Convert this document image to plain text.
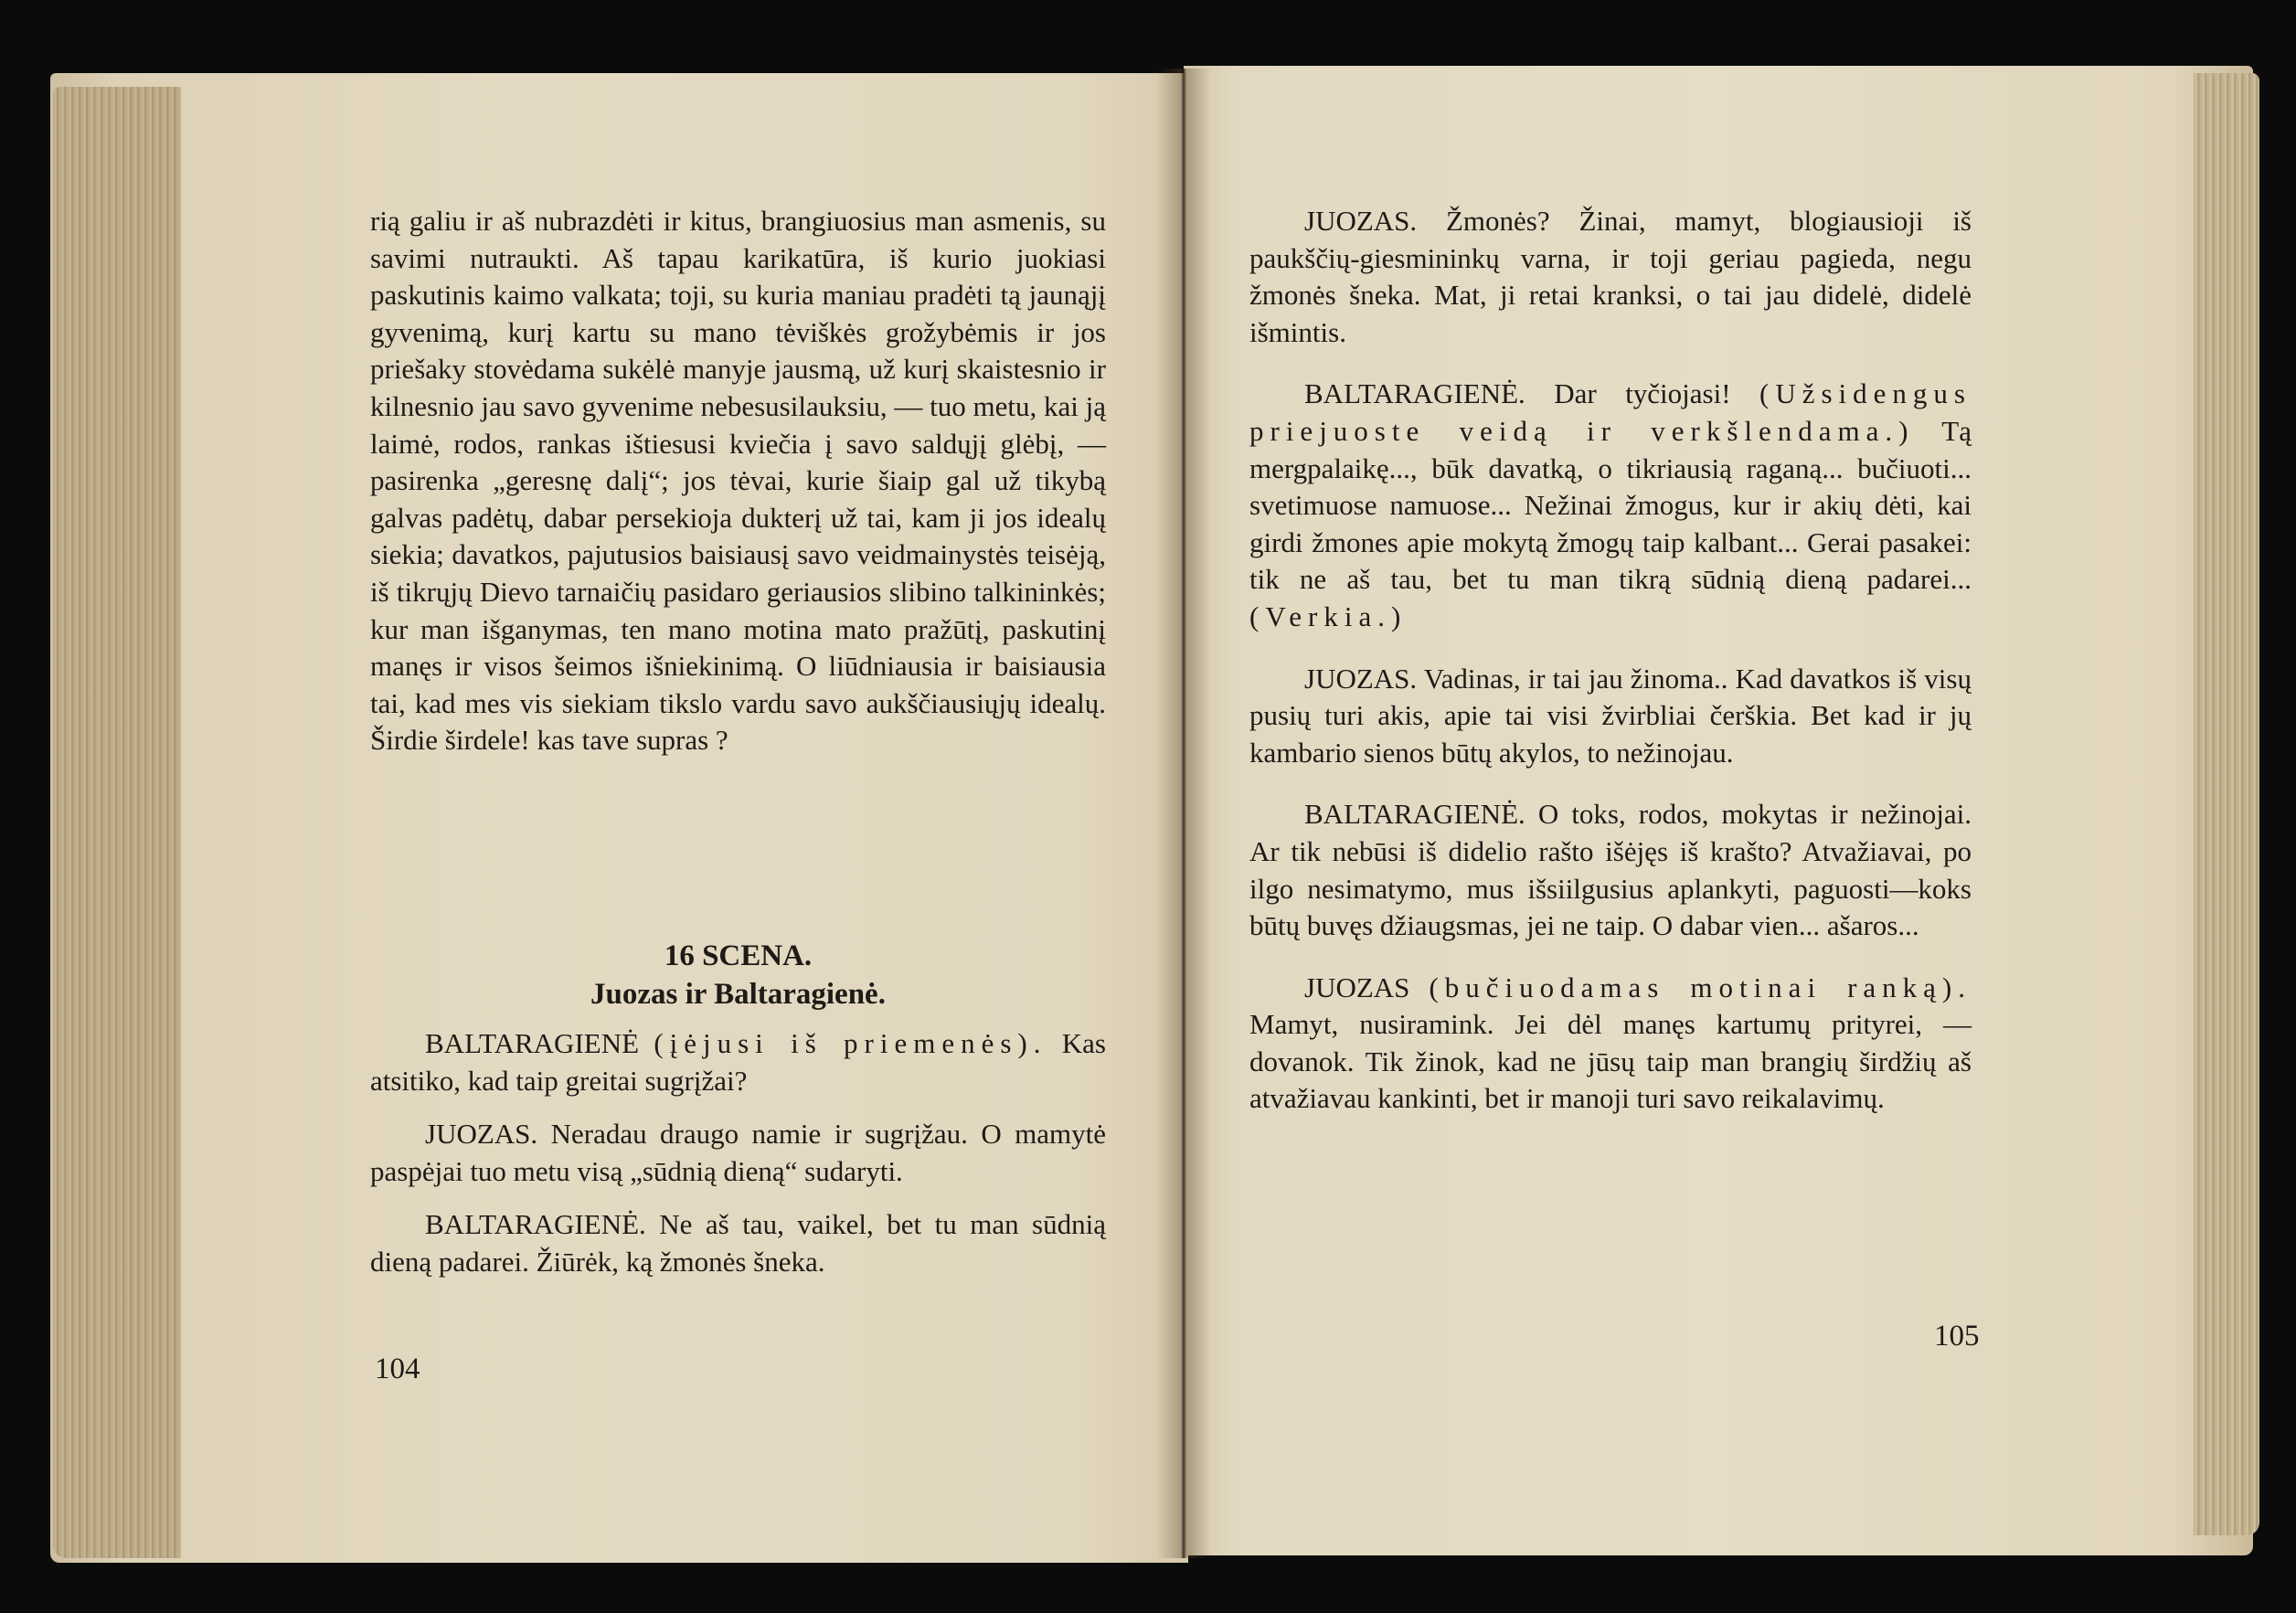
rią galiu ir aš nubrazdėti ir kitus, brangiuosius man asmenis, su savimi nutraukti. Aš tapau karikatūra, iš kurio juokiasi paskutinis kaimo valkata; toji, su kuria maniau pradėti tą jaunąjį gyvenimą, kurį kartu su mano tėviškės grožybėmis ir jos priešaky stovėdama sukėlė manyje jausmą, už kurį skaistesnio ir kilnesnio jau savo gyvenime nebesusilauksiu, — tuo metu, kai ją laimė, rodos, rankas ištiesusi kviečia į savo saldųjį glėbį, — pasirenka „geresnę dalį“; jos tėvai, kurie šiaip gal už tikybą galvas padėtų, dabar persekioja dukterį už tai, kam ji jos idealų siekia; davatkos, pajutusios baisiausį savo veidmainystės teisėją, iš tikrųjų Dievo tarnaičių pasidaro geriausios slibino talkininkės; kur man išganymas, ten mano motina mato pražūtį, paskutinį manęs ir visos šeimos išniekinimą. O liūdniausia ir baisiausia tai, kad mes vis siekiam tikslo vardu savo aukščiausiųjų idealų. Širdie širdele! kas tave supras ?

16 SCENA.
Juozas ir Baltaragienė.

BALTARAGIENĖ (įėjusi iš priemenės). Kas atsitiko, kad taip greitai sugrįžai?

JUOZAS. Neradau draugo namie ir sugrįžau. O mamytė paspėjai tuo metu visą „sūdnią dieną“ sudaryti.

BALTARAGIENĖ. Ne aš tau, vaikel, bet tu man sūdnią dieną padarei. Žiūrėk, ką žmonės šneka.

104

JUOZAS. Žmonės? Žinai, mamyt, blogiausioji iš paukščių-giesmininkų varna, ir toji geriau pagieda, negu žmonės šneka. Mat, ji retai kranksi, o tai jau didelė, didelė išmintis.

BALTARAGIENĖ. Dar tyčiojasi! (Užsidengus priejuoste veidą ir verkšlendama.) Tą mergpalaikę..., būk davatką, o tikriausią raganą... bučiuoti... svetimuose namuose... Nežinai žmogus, kur ir akių dėti, kai girdi žmones apie mokytą žmogų taip kalbant... Gerai pasakei: tik ne aš tau, bet tu man tikrą sūdnią dieną padarei... (Verkia.)

JUOZAS. Vadinas, ir tai jau žinoma.. Kad davatkos iš visų pusių turi akis, apie tai visi žvirbliai čerškia. Bet kad ir jų kambario sienos būtų akylos, to nežinojau.

BALTARAGIENĖ. O toks, rodos, mokytas ir nežinojai. Ar tik nebūsi iš didelio rašto išėjęs iš krašto? Atvažiavai, po ilgo nesimatymo, mus išsiilgusius aplankyti, paguosti—koks būtų buvęs džiaugsmas, jei ne taip. O dabar vien... ašaros...

JUOZAS (bučiuodamas motinai ranką). Mamyt, nusiramink. Jei dėl manęs kartumų prityrei, — dovanok. Tik žinok, kad ne jūsų taip man brangių širdžių aš atvažiavau kankinti, bet ir manoji turi savo reikalavimų.

105
